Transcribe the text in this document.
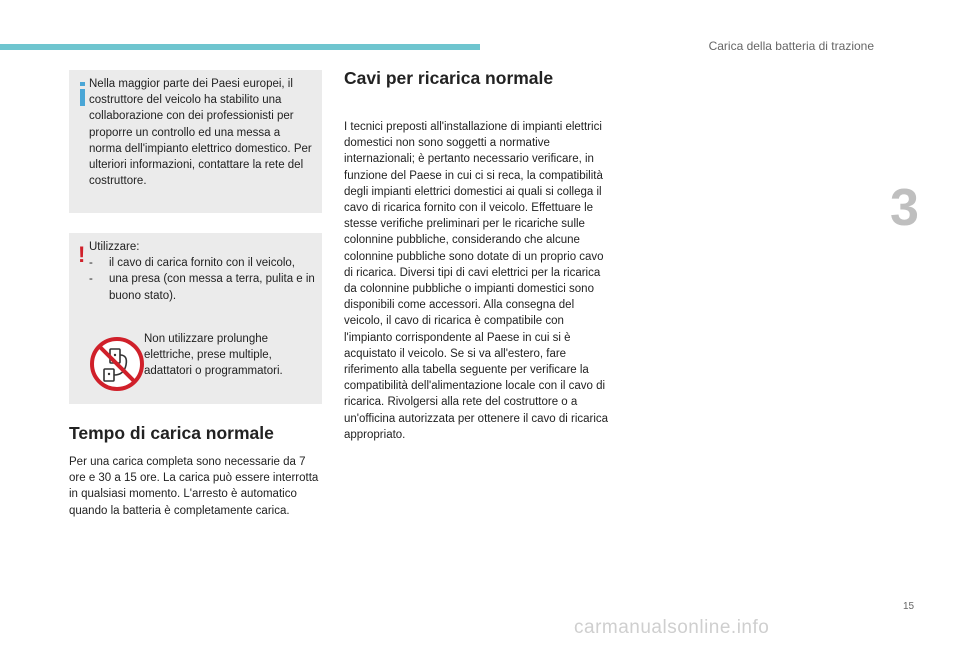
Carica della batteria di trazione
3

Nella maggior parte dei Paesi europei, il costruttore del veicolo ha stabilito una collaborazione con dei professionisti per proporre un controllo ed una messa a norma dell'impianto elettrico domestico. Per ulteriori informazioni, contattare la rete del costruttore.

! Utilizzare:
- il cavo di carica fornito con il veicolo,
- una presa (con messa a terra, pulita e in buono stato).

Non utilizzare prolunghe elettriche, prese multiple, adattatori o programmatori.

Tempo di carica normale

Per una carica completa sono necessarie da 7 ore e 30 a 15 ore. La carica può essere interrotta in qualsiasi momento. L'arresto è automatico quando la batteria è completamente carica.

Cavi per ricarica normale

I tecnici preposti all'installazione di impianti elettrici domestici non sono soggetti a normative internazionali; è pertanto necessario verificare, in funzione del Paese in cui ci si reca, la compatibilità degli impianti elettrici domestici ai quali si collega il cavo di ricarica fornito con il veicolo. Effettuare le stesse verifiche preliminari per le ricariche sulle colonnine pubbliche, considerando che alcune colonnine pubbliche sono dotate di un proprio cavo di ricarica. Diversi tipi di cavi elettrici per la ricarica da colonnine pubbliche o impianti domestici sono disponibili come accessori. Alla consegna del veicolo, il cavo di ricarica è compatibile con l'impianto corrispondente al Paese in cui si è acquistato il veicolo. Se si va all'estero, fare riferimento alla tabella seguente per verificare la compatibilità dell'alimentazione locale con il cavo di ricarica. Rivolgersi alla rete del costruttore o a un'officina autorizzata per ottenere il cavo di ricarica appropriato.

15
carmanualsonline.info
